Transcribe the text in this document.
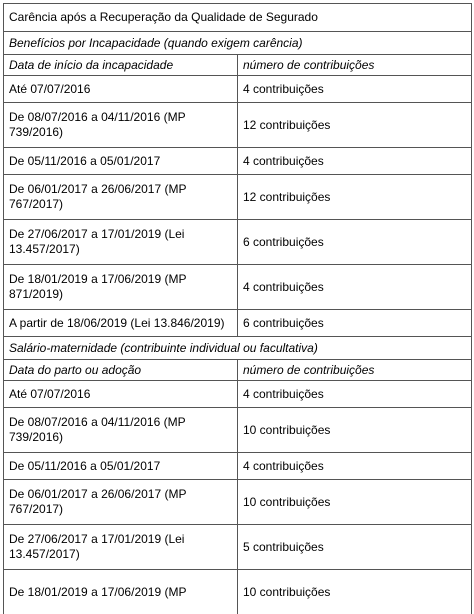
Carência após a Recuperação da Qualidade de Segurado	
Benefícios por Incapacidade (quando exigem carência)	
Data de início da incapacidade	número de contribuições
Até 07/07/2016	4 contribuições
De 08/07/2016 a 04/11/2016 (MP 739/2016)	12 contribuições
De 05/11/2016 a 05/01/2017	4 contribuições
De 06/01/2017 a 26/06/2017 (MP 767/2017)	12 contribuições
De 27/06/2017 a 17/01/2019 (Lei 13.457/2017)	6 contribuições
De 18/01/2019 a 17/06/2019 (MP 871/2019)	4 contribuições
A partir de 18/06/2019 (Lei 13.846/2019)	6 contribuições
Salário-maternidade (contribuinte individual ou facultativa)	
Data do parto ou adoção	número de contribuições
Até 07/07/2016	4 contribuições
De 08/07/2016 a 04/11/2016 (MP 739/2016)	10 contribuições
De 05/11/2016 a 05/01/2017	4 contribuições
De 06/01/2017 a 26/06/2017 (MP 767/2017)	10 contribuições
De 27/06/2017 a 17/01/2019 (Lei 13.457/2017)	5 contribuições
De 18/01/2019 a 17/06/2019 (MP	10 contribuições
